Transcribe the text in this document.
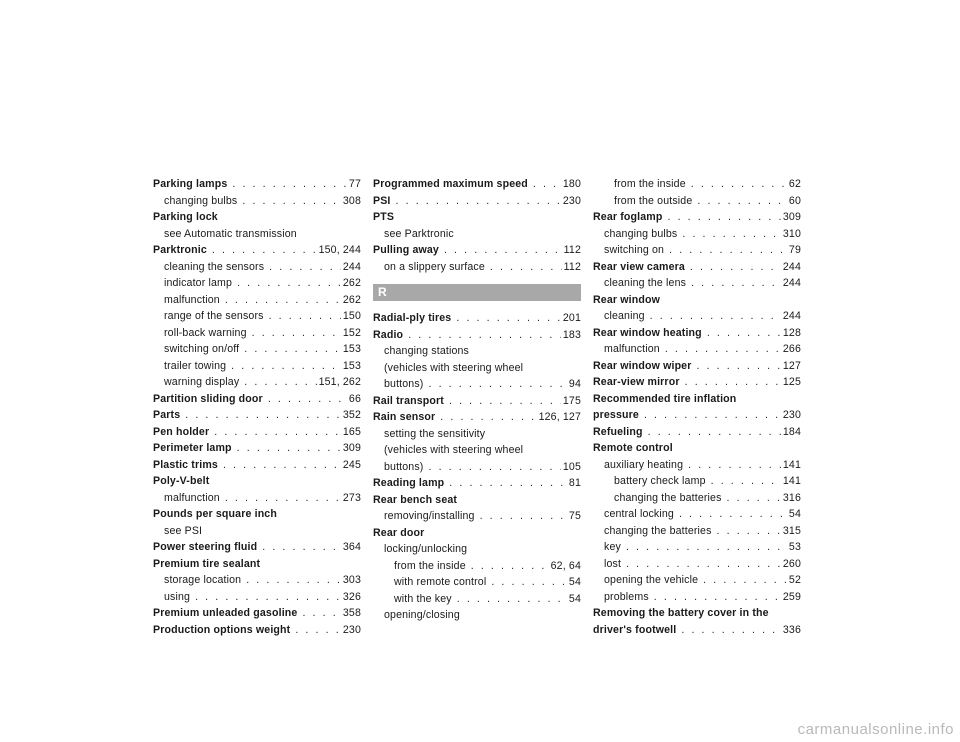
Parking lamps . . .	77
changing bulbs . . .	308
Parking lock
see Automatic transmission
Parktronic . . .	150, 244
cleaning the sensors . . .	244
indicator lamp . . .	262
malfunction . . .	262
range of the sensors . . .	150
roll-back warning . . .	152
switching on/off . . .	153
trailer towing . . .	153
warning display . . .	151, 262
Partition sliding door . . .	66
Parts . . .	352
Pen holder . . .	165
Perimeter lamp . . .	309
Plastic trims . . .	245
Poly-V-belt
malfunction . . .	273
Pounds per square inch
see PSI
Power steering fluid . . .	364
Premium tire sealant
storage location . . .	303
using . . .	326
Premium unleaded gasoline . . .	358
Production options weight . . .	230
Programmed maximum speed . . .	180
PSI . . .	230
PTS
see Parktronic
Pulling away . . .	112
on a slippery surface . . .	112
R
Radial-ply tires . . .	201
Radio . . .	183
changing stations
(vehicles with steering wheel
buttons) . . .	94
Rail transport . . .	175
Rain sensor . . .	126, 127
setting the sensitivity
(vehicles with steering wheel
buttons) . . .	105
Reading lamp . . .	81
Rear bench seat
removing/installing . . .	75
Rear door
locking/unlocking
from the inside . . .	62, 64
with remote control . . .	54
with the key . . .	54
opening/closing
from the inside . . .	62
from the outside . . .	60
Rear foglamp . . .	309
changing bulbs . . .	310
switching on . . .	79
Rear view camera . . .	244
cleaning the lens . . .	244
Rear window
cleaning . . .	244
Rear window heating . . .	128
malfunction . . .	266
Rear window wiper . . .	127
Rear-view mirror . . .	125
Recommended tire inflation
pressure . . .	230
Refueling . . .	184
Remote control
auxiliary heating . . .	141
battery check lamp . . .	141
changing the batteries . . .	316
central locking . . .	54
changing the batteries . . .	315
key . . .	53
lost . . .	260
opening the vehicle . . .	52
problems . . .	259
Removing the battery cover in the
driver's footwell . . .	336
carmanualsonline.info
